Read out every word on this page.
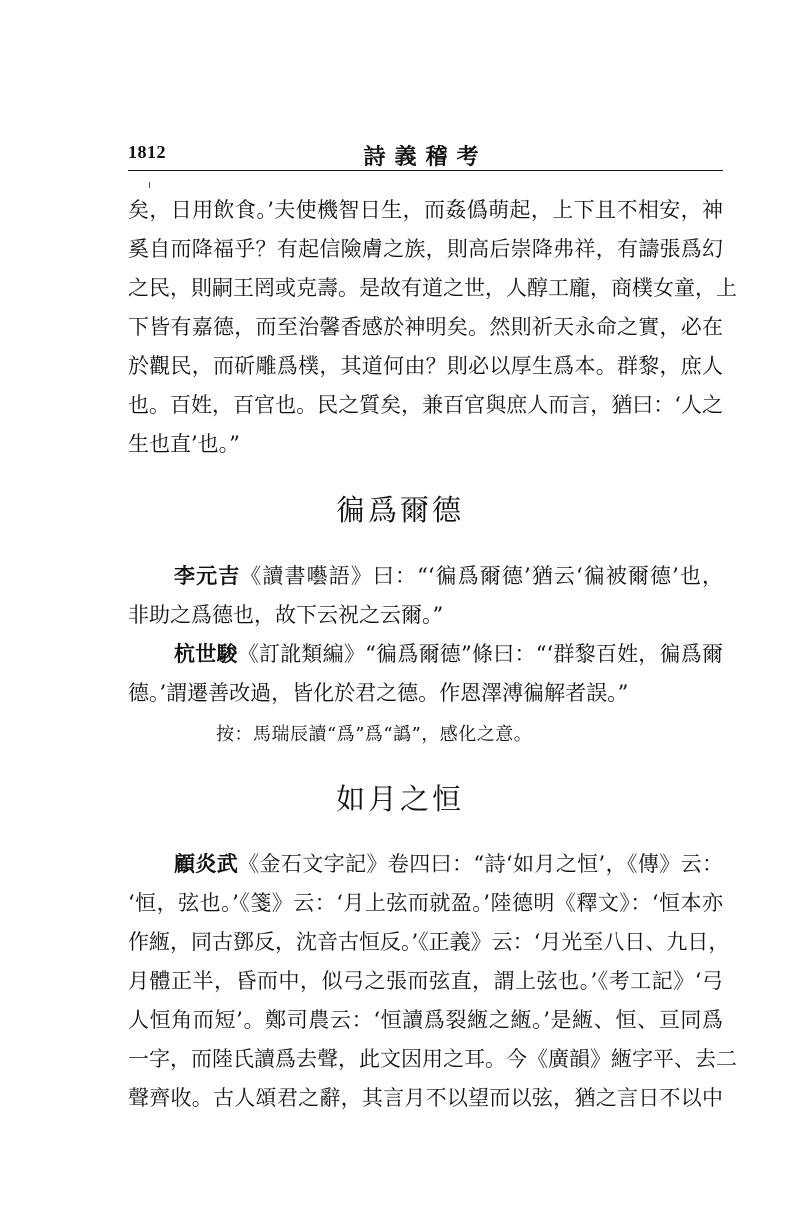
1812	詩義稽考
矣，日用飲食。’夫使機智日生，而姦僞萌起，上下且不相安，神
奚自而降福乎？有起信險膚之族，則高后崇降弗祥，有譸張爲幻
之民，則嗣王罔或克壽。是故有道之世，人醇工龐，商樸女童，上
下皆有嘉德，而至治馨香感於神明矣。然則祈天永命之實，必在
於觀民，而斫雕爲樸，其道何由？則必以厚生爲本。群黎，庶人
也。百姓，百官也。民之質矣，兼百官與庶人而言，猶曰：‘人之
生也直’也。”
徧爲爾德
李元吉《讀書囈語》曰：“‘徧爲爾德’猶云‘徧被爾德’也，
非助之爲德也，故下云祝之云爾。”
杭世駿《訂訛類編》“徧爲爾德”條曰：“‘群黎百姓，徧爲爾
德。’謂遷善改過，皆化於君之德。作恩澤溥徧解者誤。”
按：馬瑞辰讀“爲”爲“譌”，感化之意。
如月之恒
顧炎武《金石文字記》卷四曰：“詩‘如月之恒’，《傳》云：
‘恒，弦也。’《箋》云：‘月上弦而就盈。’陸德明《釋文》：‘恒本亦
作緪，同古鄧反，沈音古恒反。’《正義》云：‘月光至八日、九日，
月體正半，昏而中，似弓之張而弦直，謂上弦也。’《考工記》‘弓
人恒角而短’。鄭司農云：‘恒讀爲裂緪之緪。’是緪、恒、亘同爲
一字，而陸氏讀爲去聲，此文因用之耳。今《廣韻》緪字平、去二
聲齊收。古人頌君之辭，其言月不以望而以弦，猶之言日不以中
